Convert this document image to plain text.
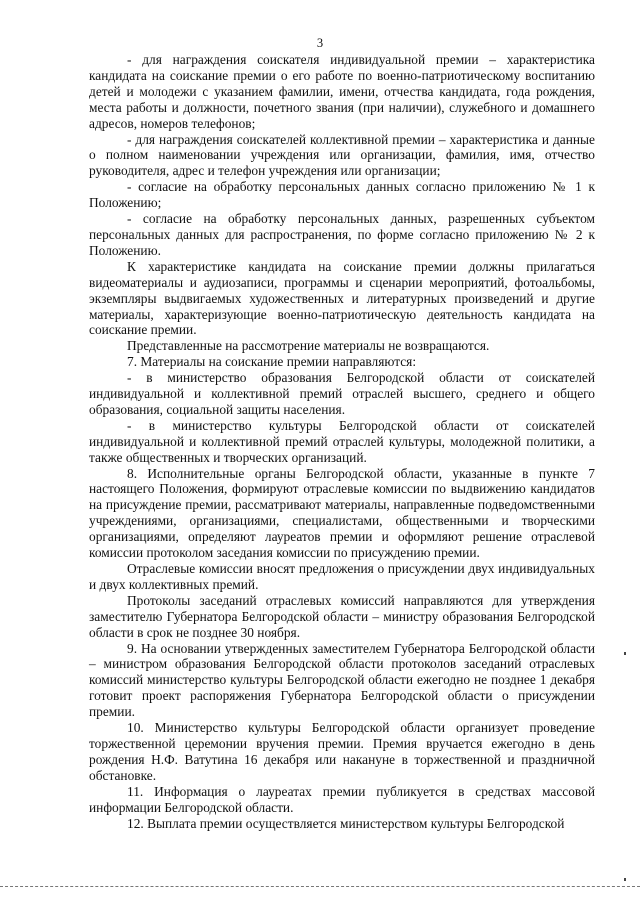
3

- для награждения соискателя индивидуальной премии – характеристика кандидата на соискание премии о его работе по военно-патриотическому воспитанию детей и молодежи с указанием фамилии, имени, отчества кандидата, года рождения, места работы и должности, почетного звания (при наличии), служебного и домашнего адресов, номеров телефонов;

- для награждения соискателей коллективной премии – характеристика и данные о полном наименовании учреждения или организации, фамилия, имя, отчество руководителя, адрес и телефон учреждения или организации;

- согласие на обработку персональных данных согласно приложению № 1 к Положению;

- согласие на обработку персональных данных, разрешенных субъектом персональных данных для распространения, по форме согласно приложению № 2 к Положению.

К характеристике кандидата на соискание премии должны прилагаться видеоматериалы и аудиозаписи, программы и сценарии мероприятий, фотоальбомы, экземпляры выдвигаемых художественных и литературных произведений и другие материалы, характеризующие военно-патриотическую деятельность кандидата на соискание премии.

Представленные на рассмотрение материалы не возвращаются.

7. Материалы на соискание премии направляются:

- в министерство образования Белгородской области от соискателей индивидуальной и коллективной премий отраслей высшего, среднего и общего образования, социальной защиты населения.

- в министерство культуры Белгородской области от соискателей индивидуальной и коллективной премий отраслей культуры, молодежной политики, а также общественных и творческих организаций.

8. Исполнительные органы Белгородской области, указанные в пункте 7 настоящего Положения, формируют отраслевые комиссии по выдвижению кандидатов на присуждение премии, рассматривают материалы, направленные подведомственными учреждениями, организациями, специалистами, общественными и творческими организациями, определяют лауреатов премии и оформляют решение отраслевой комиссии протоколом заседания комиссии по присуждению премии.

Отраслевые комиссии вносят предложения о присуждении двух индивидуальных и двух коллективных премий.

Протоколы заседаний отраслевых комиссий направляются для утверждения заместителю Губернатора Белгородской области – министру образования Белгородской области в срок не позднее 30 ноября.

9. На основании утвержденных заместителем Губернатора Белгородской области – министром образования Белгородской области протоколов заседаний отраслевых комиссий министерство культуры Белгородской области ежегодно не позднее 1 декабря готовит проект распоряжения Губернатора Белгородской области о присуждении премии.

10. Министерство культуры Белгородской области организует проведение торжественной церемонии вручения премии. Премия вручается ежегодно в день рождения Н.Ф. Ватутина 16 декабря или накануне в торжественной и праздничной обстановке.

11. Информация о лауреатах премии публикуется в средствах массовой информации Белгородской области.

12. Выплата премии осуществляется министерством культуры Белгородской
